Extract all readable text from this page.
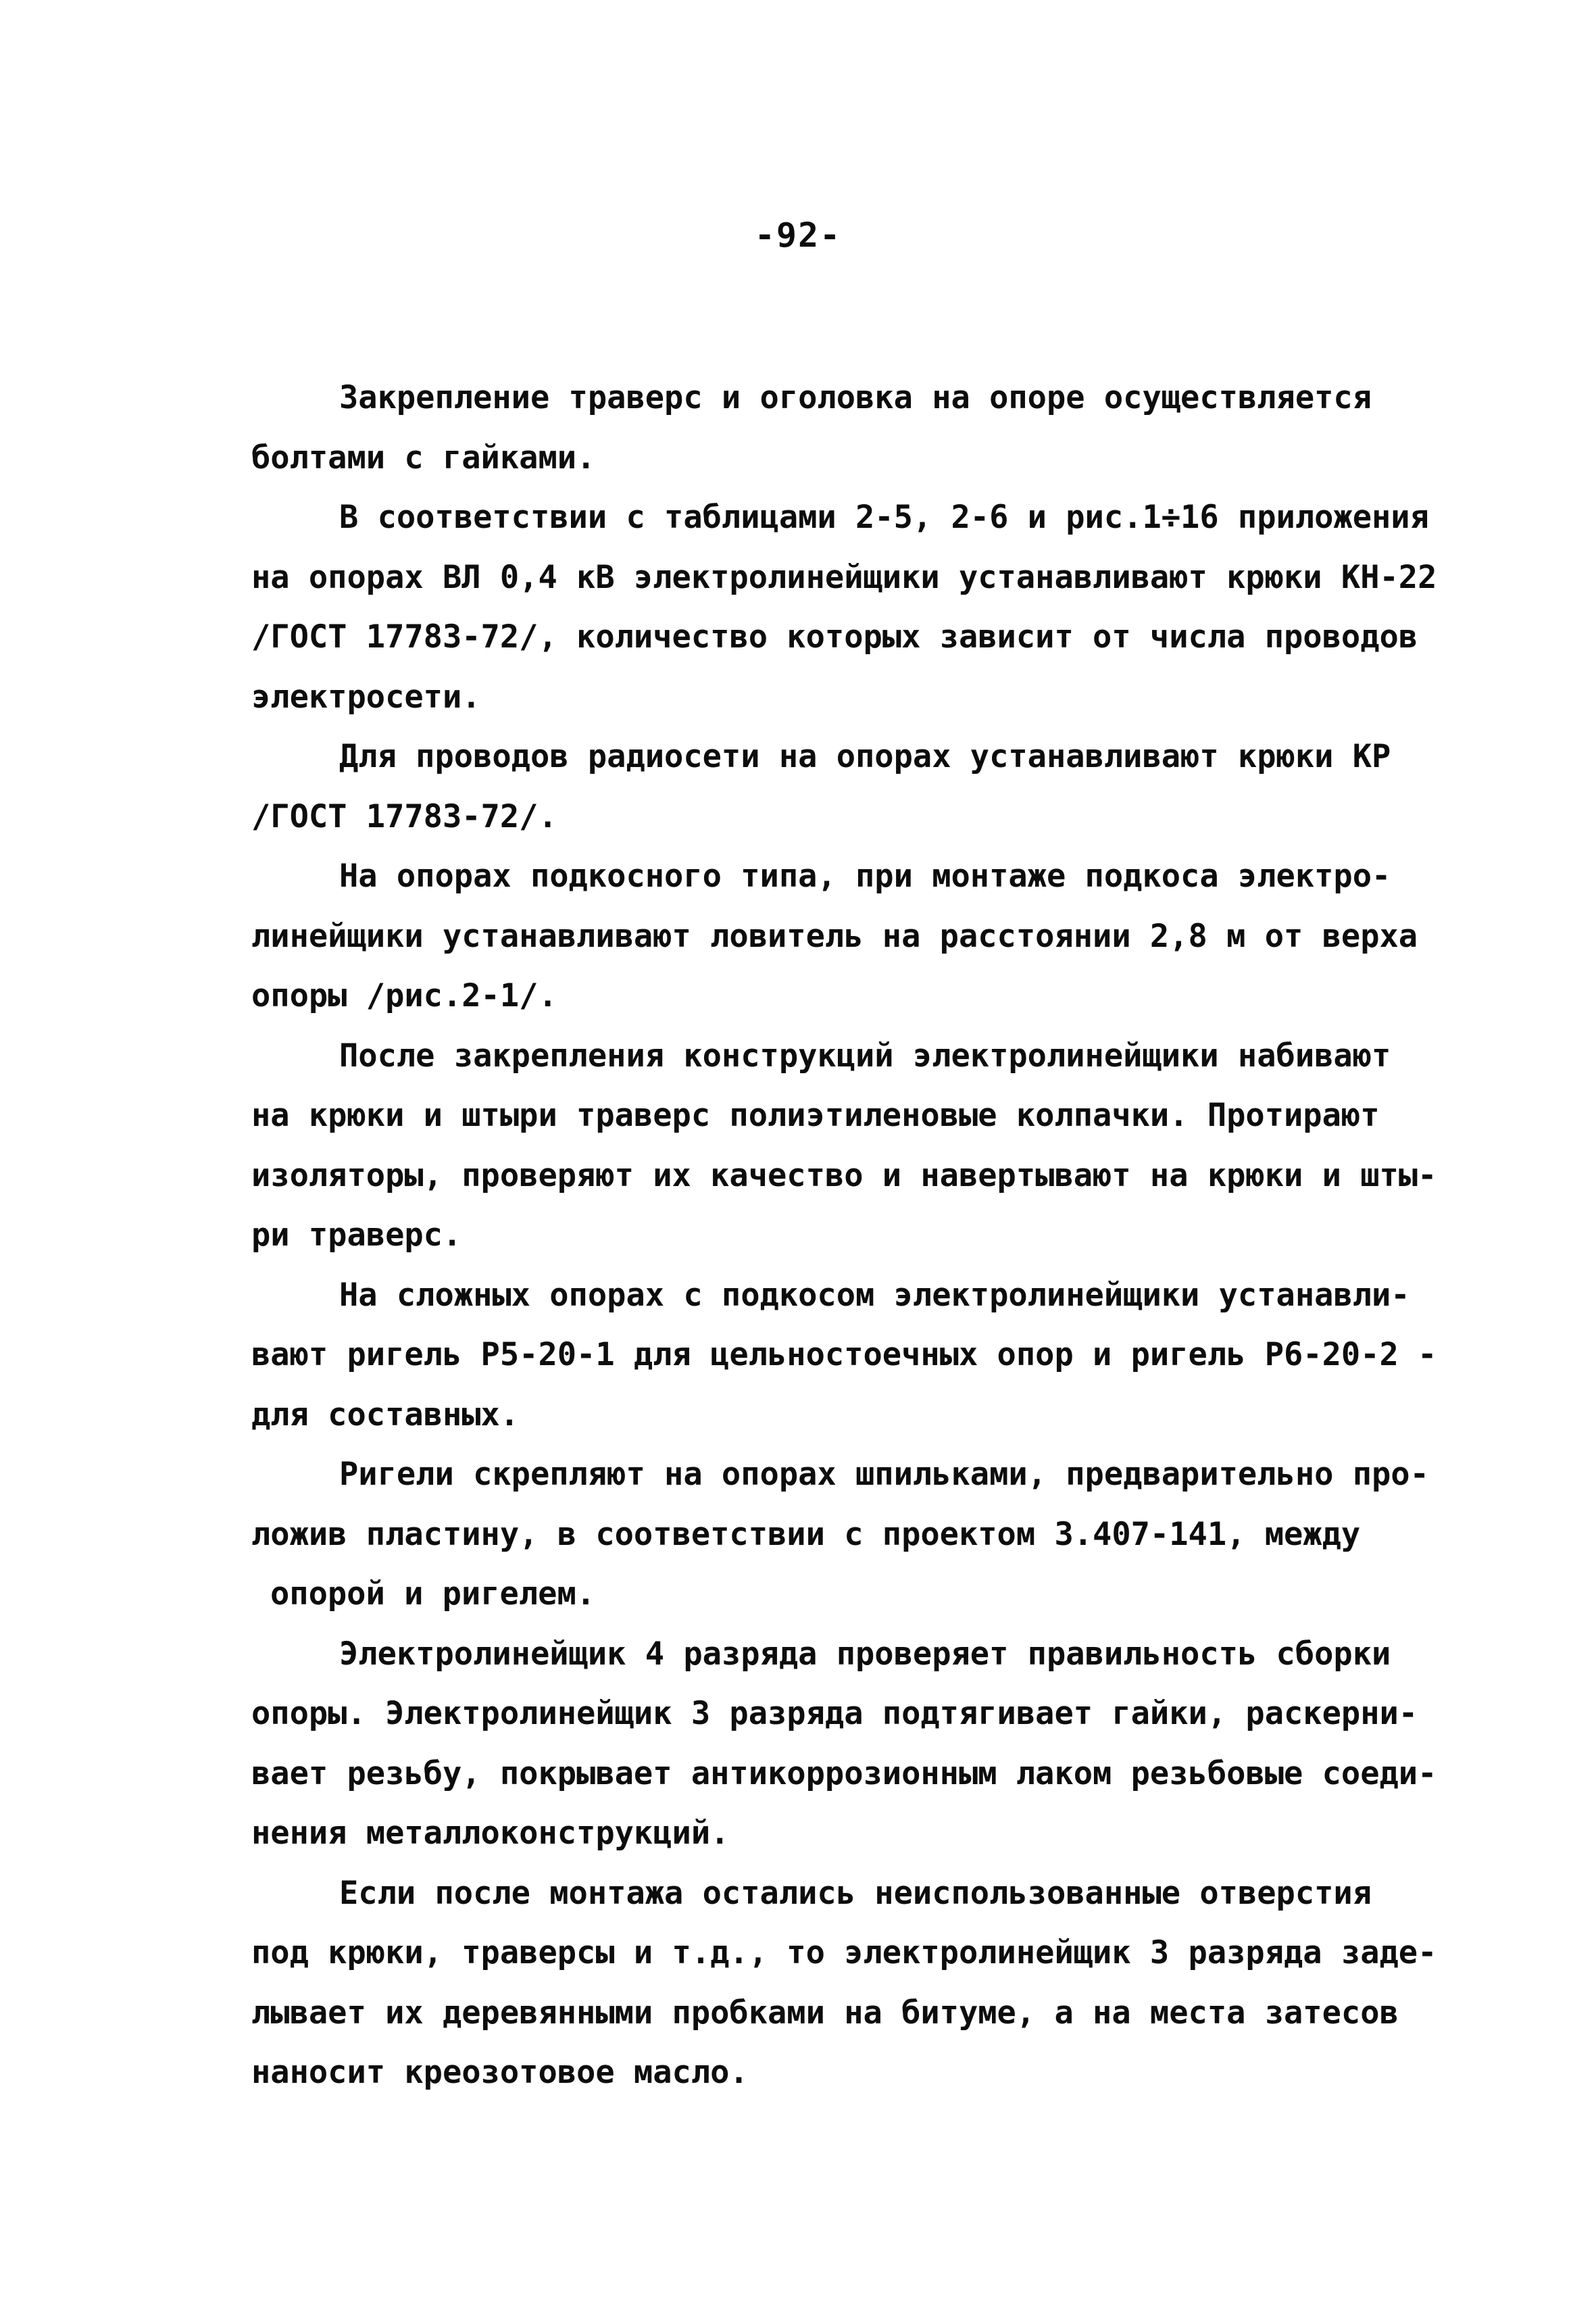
-92-

Закрепление траверс и оголовка на опоре осуществляется
болтами с гайками.

В соответствии с таблицами 2-5, 2-6 и рис.1÷16 приложения
на опорах ВЛ 0,4 кВ электролинейщики устанавливают крюки КН-22
/ГОСТ 17783-72/, количество которых зависит от числа проводов
электросети.

Для проводов радиосети на опорах устанавливают крюки КР
/ГОСТ 17783-72/.

На опорах подкосного типа, при монтаже подкоса электро-
линейщики устанавливают ловитель на расстоянии 2,8 м от верха
опоры /рис.2-1/.

После закрепления конструкций электролинейщики набивают
на крюки и штыри траверс полиэтиленовые колпачки. Протирают
изоляторы, проверяют их качество и навертывают на крюки и шты-
ри траверс.

На сложных опорах с подкосом электролинейщики устанавли-
вают ригель Р5-20-1 для цельностоечных опор и ригель Р6-20-2 -
для составных.

Ригели скрепляют на опорах шпильками, предварительно про-
ложив пластину, в соответствии с проектом 3.407-141, между
опорой и ригелем.

Электролинейщик 4 разряда проверяет правильность сборки
опоры. Электролинейщик 3 разряда подтягивает гайки, раскерни-
вает резьбу, покрывает антикоррозионным лаком резьбовые соеди-
нения металлоконструкций.

Если после монтажа остались неиспользованные отверстия
под крюки, траверсы и т.д., то электролинейщик 3 разряда заде-
лывает их деревянными пробками на битуме, а на места затесов
наносит креозотовое масло.
